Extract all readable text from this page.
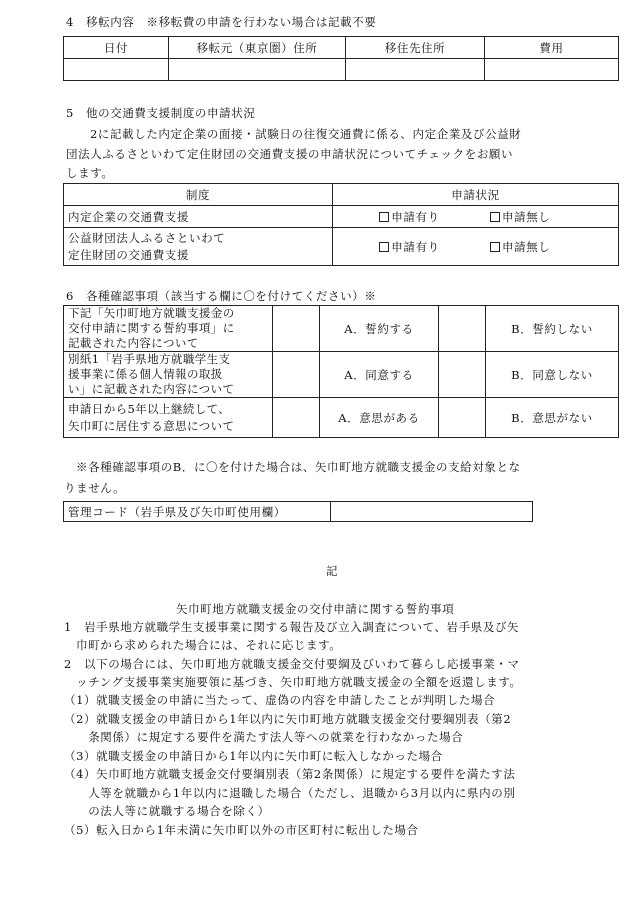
4　移転内容　※移転費の申請を行わない場合は記載不要
日付	移転元（東京圏）住所	移住先住所	費用

5　他の交通費支援制度の申請状況
2に記載した内定企業の面接・試験日の往復交通費に係る、内定企業及び公益財
団法人ふるさといわて定住財団の交通費支援の申請状況についてチェックをお願い
します。
制度	申請状況	
内定企業の交通費支援	申請有り	申請無し

公益財団法人ふるさといわて
定住財団の交通費支援	申請有り	申請無し
6　各種確認事項（該当する欄に〇を付けてください）※
下記「矢巾町地方就職支援金の
交付申請に関する誓約事項」に
記載された内容について		A．誓約する		B．誓約しない

別紙1「岩手県地方就職学生支
援事業に係る個人情報の取扱
い」に記載された内容について		A．同意する		B．同意しない

申請日から5年以上継続して、
矢巾町に居住する意思について		A．意思がある		B．意思がない
※各種確認事項のB．に〇を付けた場合は、矢巾町地方就職支援金の支給対象とな
りません。
管理コード（岩手県及び矢巾町使用欄）	
記
矢巾町地方就職支援金の交付申請に関する誓約事項
1　岩手県地方就職学生支援事業に関する報告及び立入調査について、岩手県及び矢
　巾町から求められた場合には、それに応じます。
2　以下の場合には、矢巾町地方就職支援金交付要綱及びいわて暮らし応援事業・マ
　ッチング支援事業実施要領に基づき、矢巾町地方就職支援金の全額を返還します。
（1）就職支援金の申請に当たって、虚偽の内容を申請したことが判明した場合
（2）就職支援金の申請日から1年以内に矢巾町地方就職支援金交付要綱別表（第2
　　条関係）に規定する要件を満たす法人等への就業を行わなかった場合
（3）就職支援金の申請日から1年以内に矢巾町に転入しなかった場合
（4）矢巾町地方就職支援金交付要綱別表（第2条関係）に規定する要件を満たす法
　　人等を就職から1年以内に退職した場合（ただし、退職から3月以内に県内の別
　　の法人等に就職する場合を除く）
（5）転入日から1年未満に矢巾町以外の市区町村に転出した場合
